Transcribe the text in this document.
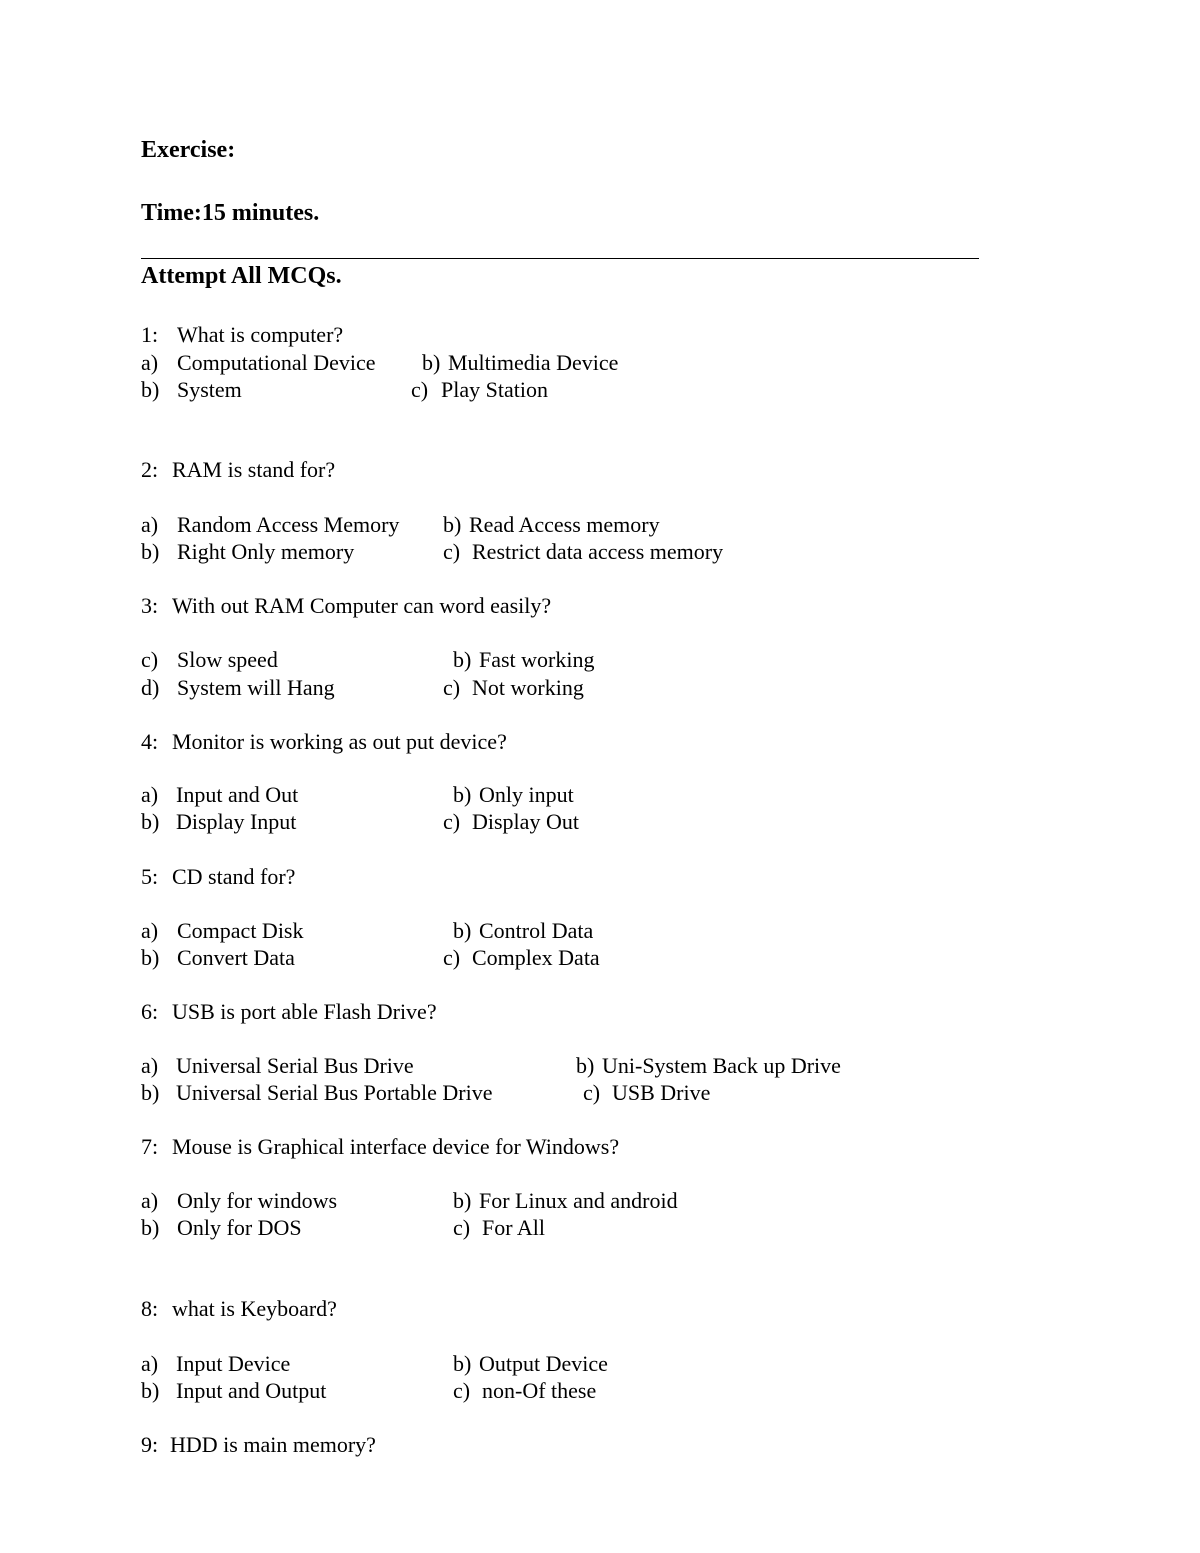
Exercise:
Time:15 minutes.
Attempt All MCQs.
1: What is computer?
a) Computational Device b) Multimedia Device
b) System	c) Play Station
2: RAM is stand for?
a) Random Access Memory b) Read Access memory
b) Right Only memory	c) Restrict data access memory
3: With out RAM Computer can word easily?
c) Slow speed	b) Fast working
d) System will Hang	c) Not working
4: Monitor is working as out put device?
a) Input and Out	b) Only input
b) Display Input	c) Display Out
5: CD stand for?
a) Compact Disk	b) Control Data
b) Convert Data	c) Complex Data
6: USB is port able Flash Drive?
a) Universal Serial Bus Drive	b) Uni-System Back up Drive
b) Universal Serial Bus Portable Drive	c) USB Drive
7: Mouse is Graphical interface device for Windows?
a) Only for windows	b) For Linux and android
b) Only for DOS	c) For All
8: what is Keyboard?
a) Input Device	b) Output Device
b) Input and Output	c) non-Of these
9: HDD is main memory?
